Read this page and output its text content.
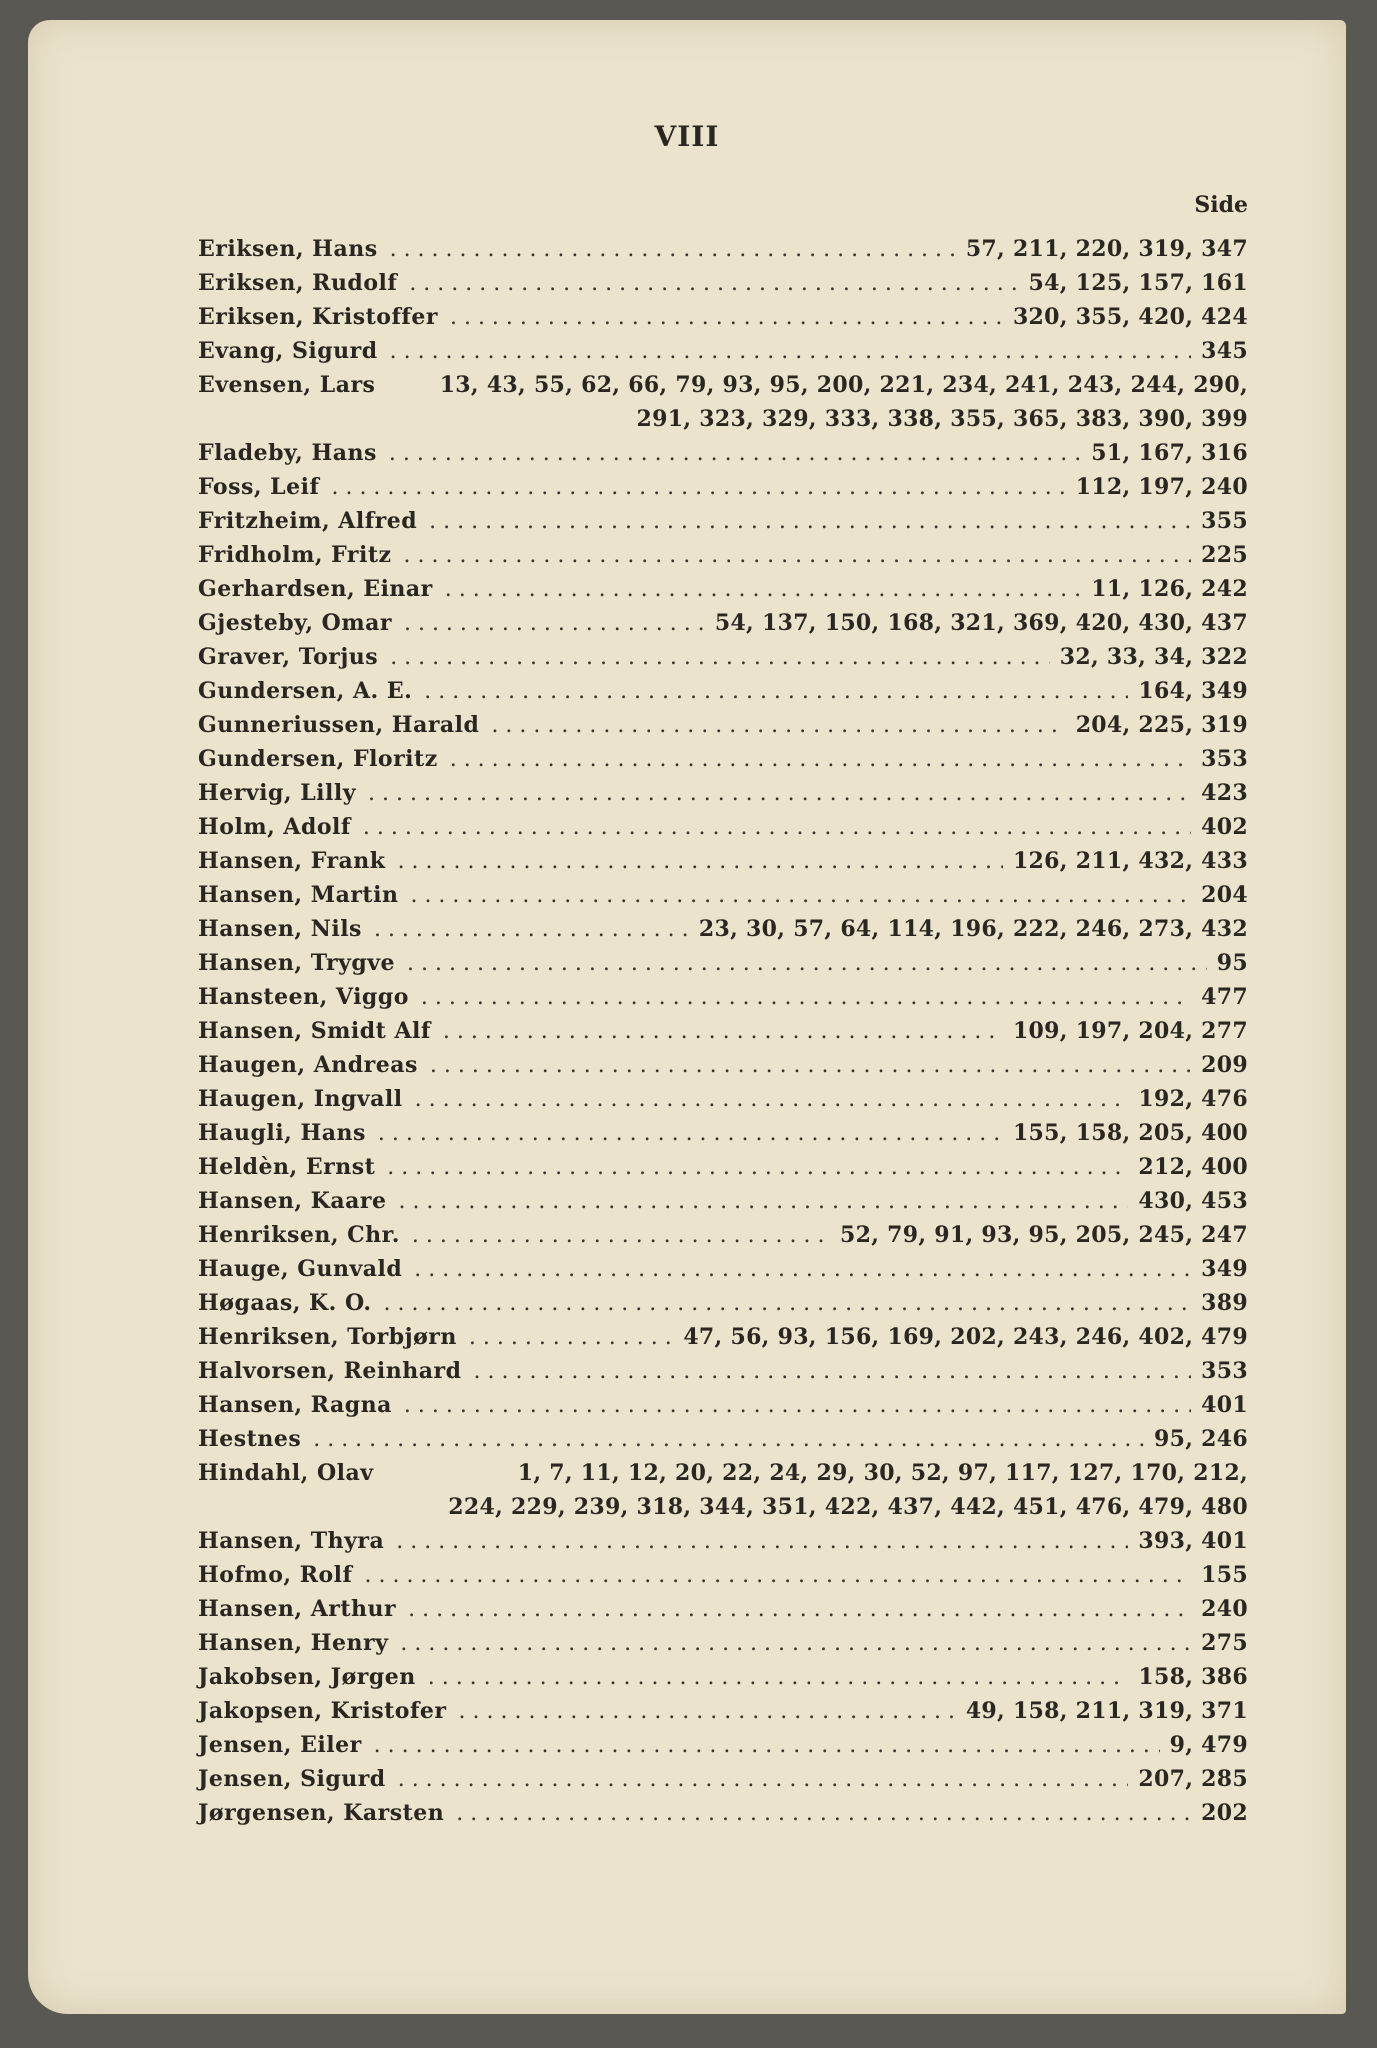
VIII
Side
Eriksen, Hans . . .	57, 211, 220, 319, 347
Eriksen, Rudolf . . .	54, 125, 157, 161
Eriksen, Kristoffer . . .	320, 355, 420, 424
Evang, Sigurd . . .	345
Evensen, Lars	13, 43, 55, 62, 66, 79, 93, 95, 200, 221, 234, 241, 243, 244, 290,
291, 323, 329, 333, 338, 355, 365, 383, 390, 399
Fladeby, Hans . . .	51, 167, 316
Foss, Leif . . .	112, 197, 240
Fritzheim, Alfred . . .	355
Fridholm, Fritz . . .	225
Gerhardsen, Einar . . .	11, 126, 242
Gjesteby, Omar . . .	54, 137, 150, 168, 321, 369, 420, 430, 437
Graver, Torjus . . .	32, 33, 34, 322
Gundersen, A. E. . . .	164, 349
Gunneriussen, Harald . . .	204, 225, 319
Gundersen, Floritz . . .	353
Hervig, Lilly . . .	423
Holm, Adolf . . .	402
Hansen, Frank . . .	126, 211, 432, 433
Hansen, Martin . . .	204
Hansen, Nils . . .	23, 30, 57, 64, 114, 196, 222, 246, 273, 432
Hansen, Trygve . . .	95
Hansteen, Viggo . . .	477
Hansen, Smidt Alf . . .	109, 197, 204, 277
Haugen, Andreas . . .	209
Haugen, Ingvall . . .	192, 476
Haugli, Hans . . .	155, 158, 205, 400
Heldèn, Ernst . . .	212, 400
Hansen, Kaare . . .	430, 453
Henriksen, Chr. . . .	52, 79, 91, 93, 95, 205, 245, 247
Hauge, Gunvald . . .	349
Høgaas, K. O. . . .	389
Henriksen, Torbjørn . . .	47, 56, 93, 156, 169, 202, 243, 246, 402, 479
Halvorsen, Reinhard . . .	353
Hansen, Ragna . . .	401
Hestnes . . .	95, 246
Hindahl, Olav	1, 7, 11, 12, 20, 22, 24, 29, 30, 52, 97, 117, 127, 170, 212,
224, 229, 239, 318, 344, 351, 422, 437, 442, 451, 476, 479, 480
Hansen, Thyra . . .	393, 401
Hofmo, Rolf . . .	155
Hansen, Arthur . . .	240
Hansen, Henry . . .	275
Jakobsen, Jørgen . . .	158, 386
Jakopsen, Kristofer . . .	49, 158, 211, 319, 371
Jensen, Eiler . . .	9, 479
Jensen, Sigurd . . .	207, 285
Jørgensen, Karsten . . .	202
